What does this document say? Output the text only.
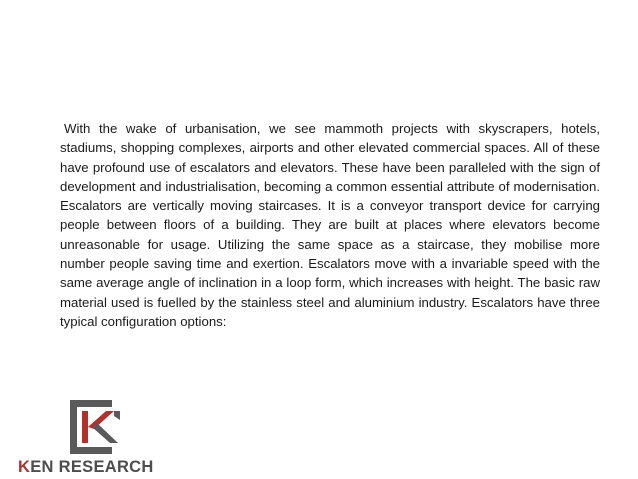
With the wake of urbanisation, we see mammoth projects with skyscrapers, hotels, stadiums, shopping complexes, airports and other elevated commercial spaces. All of these have profound use of escalators and elevators. These have been paralleled with the sign of development and industrialisation, becoming a common essential attribute of modernisation. Escalators are vertically moving staircases. It is a conveyor transport device for carrying people between floors of a building. They are built at places where elevators become unreasonable for usage. Utilizing the same space as a staircase, they mobilise more number people saving time and exertion. Escalators move with a invariable speed with the same average angle of inclination in a loop form, which increases with height. The basic raw material used is fuelled by the stainless steel and aluminium industry. Escalators have three typical configuration options:

KEN RESEARCH
